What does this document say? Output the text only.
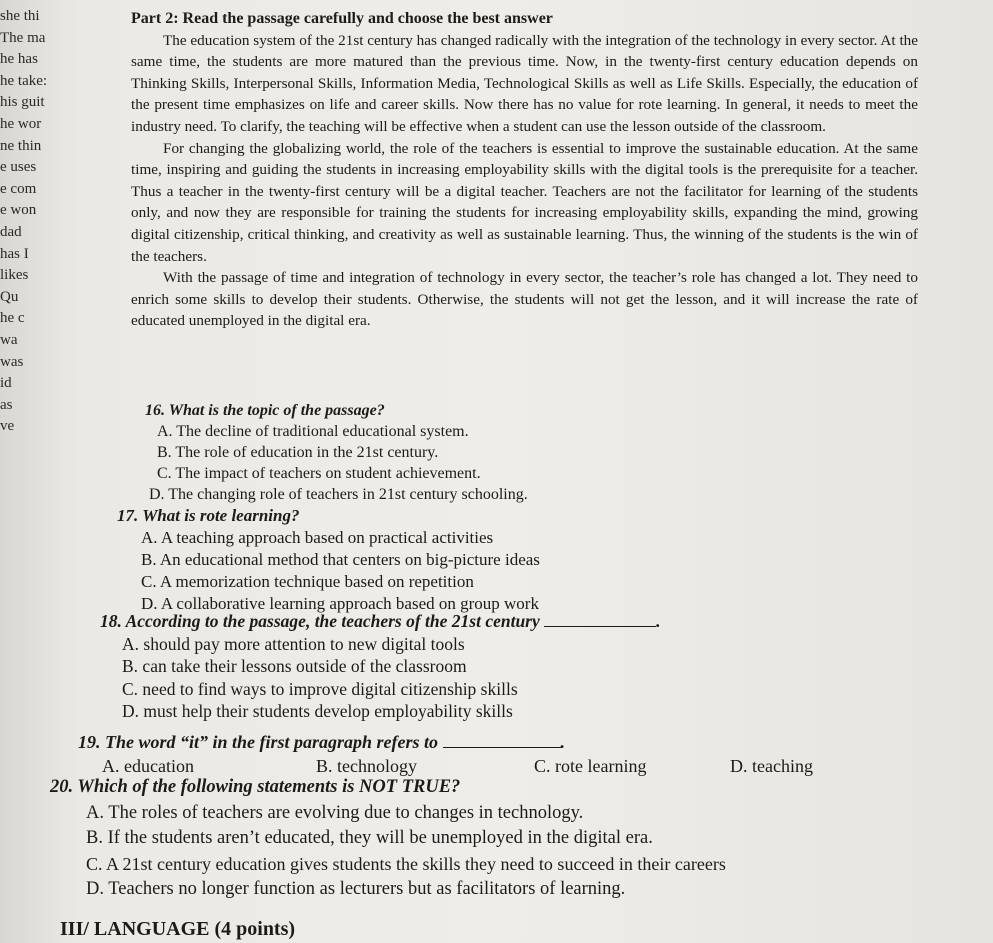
she thi
The ma
he has
he take:
his guit
he wor
ne thin
e uses
e com
e won
dad
has I
likes
Qu
he c
wa
was
id
as
ve

Part 2: Read the passage carefully and choose the best answer

The education system of the 21st century has changed radically with the integration of the technology in every sector. At the same time, the students are more matured than the previous time. Now, in the twenty-first century education depends on Thinking Skills, Interpersonal Skills, Information Media, Technological Skills as well as Life Skills. Especially, the education of the present time emphasizes on life and career skills. Now there has no value for rote learning. In general, it needs to meet the industry need. To clarify, the teaching will be effective when a student can use the lesson outside of the classroom.

For changing the globalizing world, the role of the teachers is essential to improve the sustainable education. At the same time, inspiring and guiding the students in increasing employability skills with the digital tools is the prerequisite for a teacher. Thus a teacher in the twenty-first century will be a digital teacher. Teachers are not the facilitator for learning of the students only, and now they are responsible for training the students for increasing employability skills, expanding the mind, growing digital citizenship, critical thinking, and creativity as well as sustainable learning. Thus, the winning of the students is the win of the teachers.

With the passage of time and integration of technology in every sector, the teacher’s role has changed a lot. They need to enrich some skills to develop their students. Otherwise, the students will not get the lesson, and it will increase the rate of educated unemployed in the digital era.

16. What is the topic of the passage?
A. The decline of traditional educational system.
B. The role of education in the 21st century.
C. The impact of teachers on student achievement.
D. The changing role of teachers in 21st century schooling.
17. What is rote learning?
A. A teaching approach based on practical activities
B. An educational method that centers on big-picture ideas
C. A memorization technique based on repetition
D. A collaborative learning approach based on group work
18. According to the passage, the teachers of the 21st century	.
A. should pay more attention to new digital tools
B. can take their lessons outside of the classroom
C. need to find ways to improve digital citizenship skills
D. must help their students develop employability skills
19. The word “it” in the first paragraph refers to	.
A. education	B. technology	C. rote learning	D. teaching
20. Which of the following statements is NOT TRUE?
A. The roles of teachers are evolving due to changes in technology.
B. If the students aren’t educated, they will be unemployed in the digital era.
C. A 21st century education gives students the skills they need to succeed in their careers
D. Teachers no longer function as lecturers but as facilitators of learning.
III/ LANGUAGE (4 points)
